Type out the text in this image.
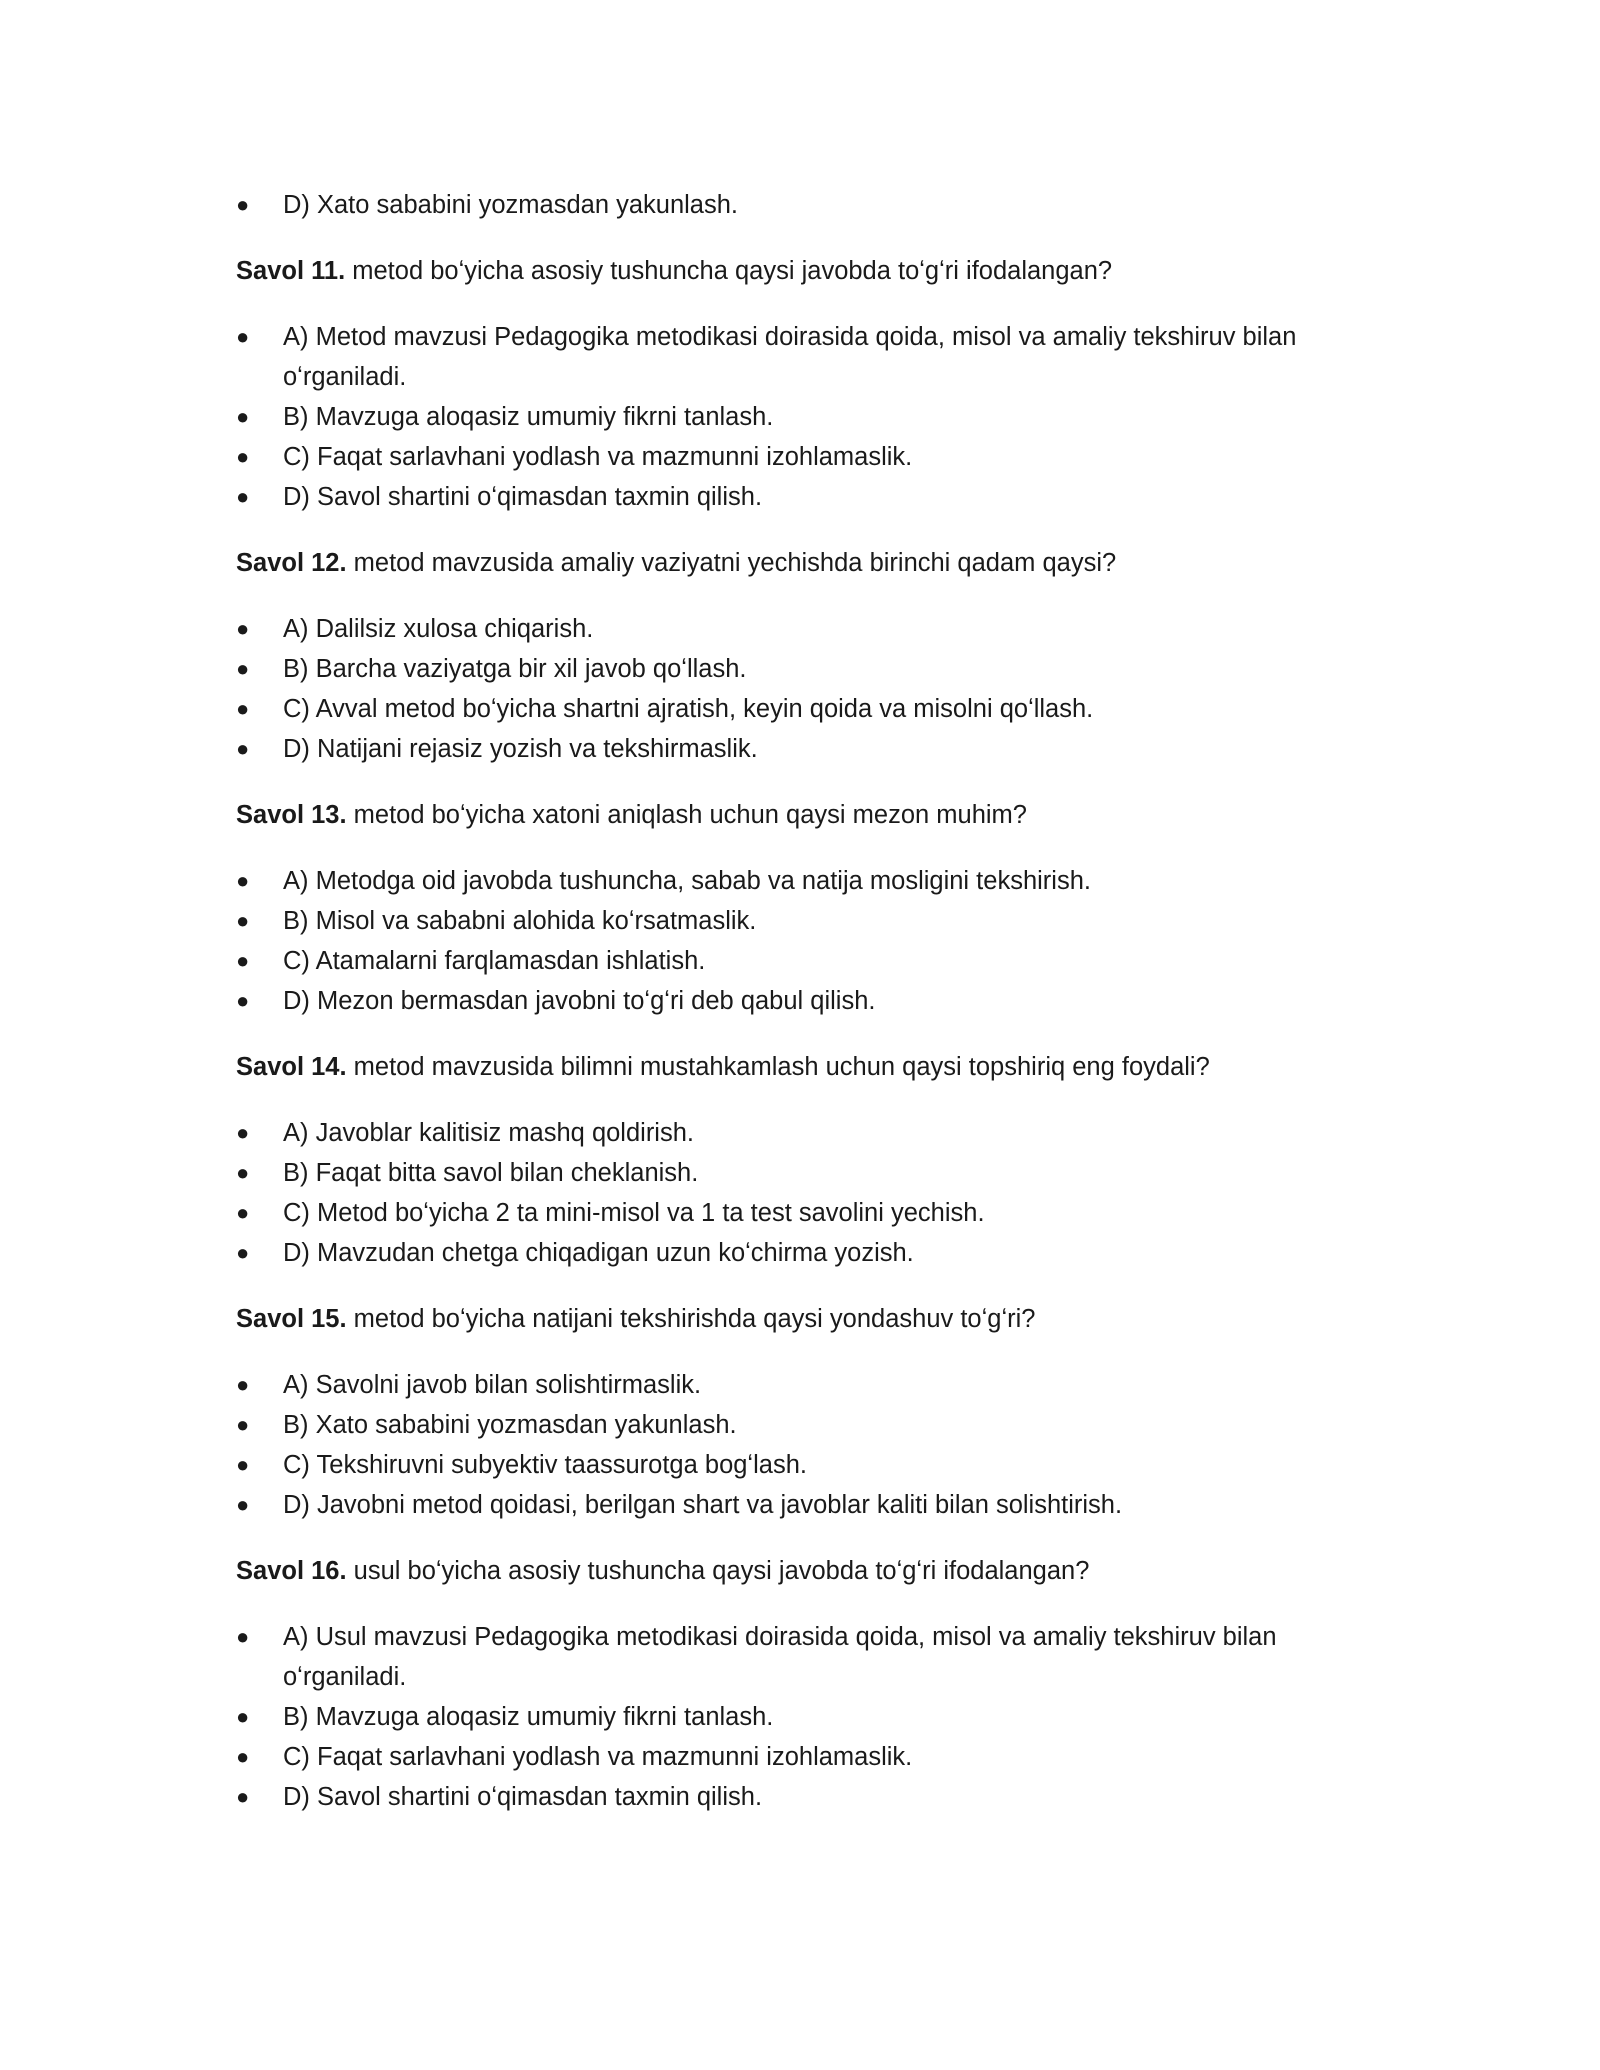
● D) Xato sababini yozmasdan yakunlash.

Savol 11. metod boʻyicha asosiy tushuncha qaysi javobda toʻgʻri ifodalangan?

● A) Metod mavzusi Pedagogika metodikasi doirasida qoida, misol va amaliy tekshiruv bilan oʻrganiladi.
● B) Mavzuga aloqasiz umumiy fikrni tanlash.
● C) Faqat sarlavhani yodlash va mazmunni izohlamaslik.
● D) Savol shartini oʻqimasdan taxmin qilish.

Savol 12. metod mavzusida amaliy vaziyatni yechishda birinchi qadam qaysi?

● A) Dalilsiz xulosa chiqarish.
● B) Barcha vaziyatga bir xil javob qoʻllash.
● C) Avval metod boʻyicha shartni ajratish, keyin qoida va misolni qoʻllash.
● D) Natijani rejasiz yozish va tekshirmaslik.

Savol 13. metod boʻyicha xatoni aniqlash uchun qaysi mezon muhim?

● A) Metodga oid javobda tushuncha, sabab va natija mosligini tekshirish.
● B) Misol va sababni alohida koʻrsatmaslik.
● C) Atamalarni farqlamasdan ishlatish.
● D) Mezon bermasdan javobni toʻgʻri deb qabul qilish.

Savol 14. metod mavzusida bilimni mustahkamlash uchun qaysi topshiriq eng foydali?

● A) Javoblar kalitisiz mashq qoldirish.
● B) Faqat bitta savol bilan cheklanish.
● C) Metod boʻyicha 2 ta mini-misol va 1 ta test savolini yechish.
● D) Mavzudan chetga chiqadigan uzun koʻchirma yozish.

Savol 15. metod boʻyicha natijani tekshirishda qaysi yondashuv toʻgʻri?

● A) Savolni javob bilan solishtirmaslik.
● B) Xato sababini yozmasdan yakunlash.
● C) Tekshiruvni subyektiv taassurotga bogʻlash.
● D) Javobni metod qoidasi, berilgan shart va javoblar kaliti bilan solishtirish.

Savol 16. usul boʻyicha asosiy tushuncha qaysi javobda toʻgʻri ifodalangan?

● A) Usul mavzusi Pedagogika metodikasi doirasida qoida, misol va amaliy tekshiruv bilan oʻrganiladi.
● B) Mavzuga aloqasiz umumiy fikrni tanlash.
● C) Faqat sarlavhani yodlash va mazmunni izohlamaslik.
● D) Savol shartini oʻqimasdan taxmin qilish.
